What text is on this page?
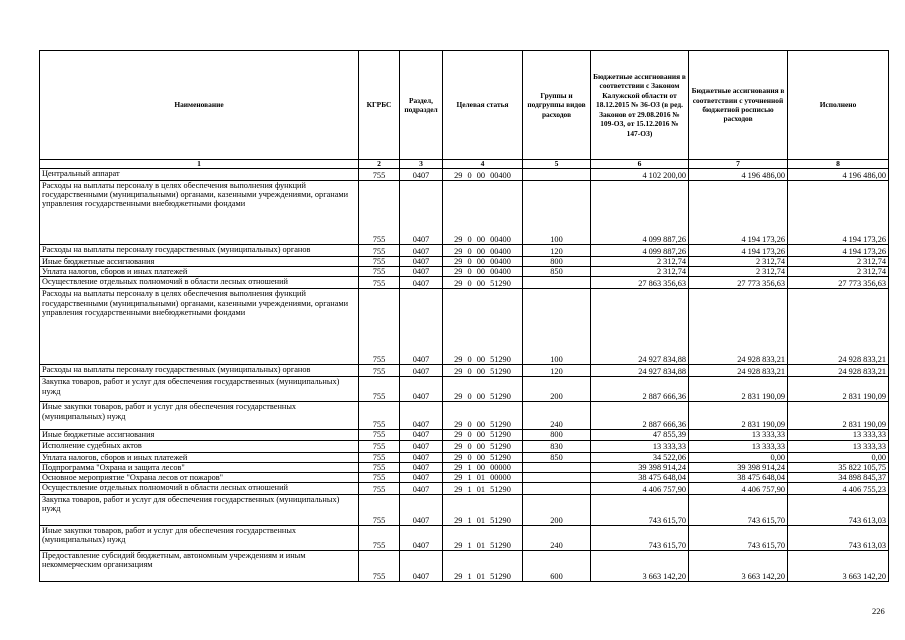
Наименование	КГРБС	Раздел, подраздел	Целевая статья	Группы и подгруппы видов расходов	Бюджетные ассигнования в соответствии с Законом Калужской области от 18.12.2015 № 36-ОЗ (в ред. Законов от 29.08.2016 № 109-ОЗ, от 15.12.2016 № 147-ОЗ)	Бюджетные ассигнования в соответствии с уточненной бюджетной росписью расходов	Исполнено
1	2	3	4	5	6	7	8
Центральный аппарат	755	0407	29 0 00 00400		4 102 200,00	4 196 486,00	4 196 486,00
Расходы на выплаты персоналу в целях обеспечения выполнения функций государственными (муниципальными) органами, казенными учреждениями, органами управления государственными внебюджетными фондами	755	0407	29 0 00 00400	100	4 099 887,26	4 194 173,26	4 194 173,26
Расходы на выплаты персоналу государственных (муниципальных) органов	755	0407	29 0 00 00400	120	4 099 887,26	4 194 173,26	4 194 173,26
Иные бюджетные ассигнования	755	0407	29 0 00 00400	800	2 312,74	2 312,74	2 312,74
Уплата налогов, сборов и иных платежей	755	0407	29 0 00 00400	850	2 312,74	2 312,74	2 312,74
Осуществление отдельных полномочий в области лесных отношений	755	0407	29 0 00 51290		27 863 356,63	27 773 356,63	27 773 356,63
Расходы на выплаты персоналу в целях обеспечения выполнения функций государственными (муниципальными) органами, казенными учреждениями, органами управления государственными внебюджетными фондами	755	0407	29 0 00 51290	100	24 927 834,88	24 928 833,21	24 928 833,21
Расходы на выплаты персоналу государственных (муниципальных) органов	755	0407	29 0 00 51290	120	24 927 834,88	24 928 833,21	24 928 833,21
Закупка товаров, работ и услуг для обеспечения государственных (муниципальных) нужд	755	0407	29 0 00 51290	200	2 887 666,36	2 831 190,09	2 831 190,09
Иные закупки товаров, работ и услуг для обеспечения государственных (муниципальных) нужд	755	0407	29 0 00 51290	240	2 887 666,36	2 831 190,09	2 831 190,09
Иные бюджетные ассигнования	755	0407	29 0 00 51290	800	47 855,39	13 333,33	13 333,33
Исполнение судебных актов	755	0407	29 0 00 51290	830	13 333,33	13 333,33	13 333,33
Уплата налогов, сборов и иных платежей	755	0407	29 0 00 51290	850	34 522,06	0,00	0,00
Подпрограмма "Охрана и защита лесов"	755	0407	29 1 00 00000		39 398 914,24	39 398 914,24	35 822 105,75
Основное мероприятие "Охрана лесов от пожаров"	755	0407	29 1 01 00000		38 475 648,04	38 475 648,04	34 898 845,37
Осуществление отдельных полномочий в области лесных отношений	755	0407	29 1 01 51290		4 406 757,90	4 406 757,90	4 406 755,23
Закупка товаров, работ и услуг для обеспечения государственных (муниципальных) нужд	755	0407	29 1 01 51290	200	743 615,70	743 615,70	743 613,03
Иные закупки товаров, работ и услуг для обеспечения государственных (муниципальных) нужд	755	0407	29 1 01 51290	240	743 615,70	743 615,70	743 613,03
Предоставление субсидий бюджетным, автономным учреждениям и иным некоммерческим организациям	755	0407	29 1 01 51290	600	3 663 142,20	3 663 142,20	3 663 142,20
226
